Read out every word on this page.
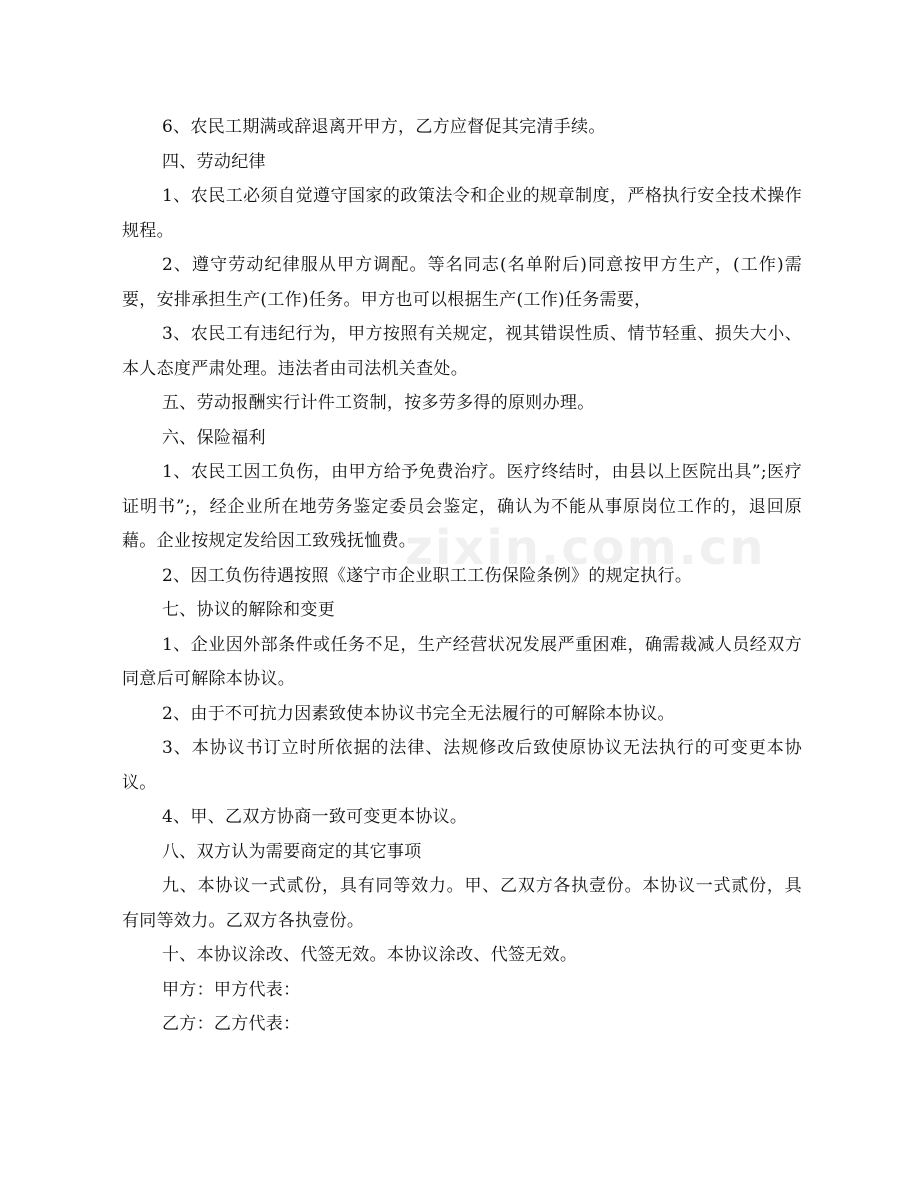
6、农民工期满或辞退离开甲方，乙方应督促其完清手续。

四、劳动纪律

1、农民工必须自觉遵守国家的政策法令和企业的规章制度，严格执行安全技术操作规程。

2、遵守劳动纪律服从甲方调配。等名同志(名单附后)同意按甲方生产，(工作)需要，安排承担生产(工作)任务。甲方也可以根据生产(工作)任务需要，

3、农民工有违纪行为，甲方按照有关规定，视其错误性质、情节轻重、损失大小、本人态度严肃处理。违法者由司法机关查处。

五、劳动报酬实行计件工资制，按多劳多得的原则办理。

六、保险福利

1、农民工因工负伤，由甲方给予免费治疗。医疗终结时，由县以上医院出具”;医疗证明书”;，经企业所在地劳务鉴定委员会鉴定，确认为不能从事原岗位工作的，退回原藉。企业按规定发给因工致残抚恤费。

2、因工负伤待遇按照《遂宁市企业职工工伤保险条例》的规定执行。

七、协议的解除和变更

1、企业因外部条件或任务不足，生产经营状况发展严重困难，确需裁减人员经双方同意后可解除本协议。

2、由于不可抗力因素致使本协议书完全无法履行的可解除本协议。

3、本协议书订立时所依据的法律、法规修改后致使原协议无法执行的可变更本协议。

4、甲、乙双方协商一致可变更本协议。

八、双方认为需要商定的其它事项

九、本协议一式贰份，具有同等效力。甲、乙双方各执壹份。本协议一式贰份，具有同等效力。乙双方各执壹份。

十、本协议涂改、代签无效。本协议涂改、代签无效。

甲方：甲方代表：

乙方：乙方代表：

zixin.com.cn
